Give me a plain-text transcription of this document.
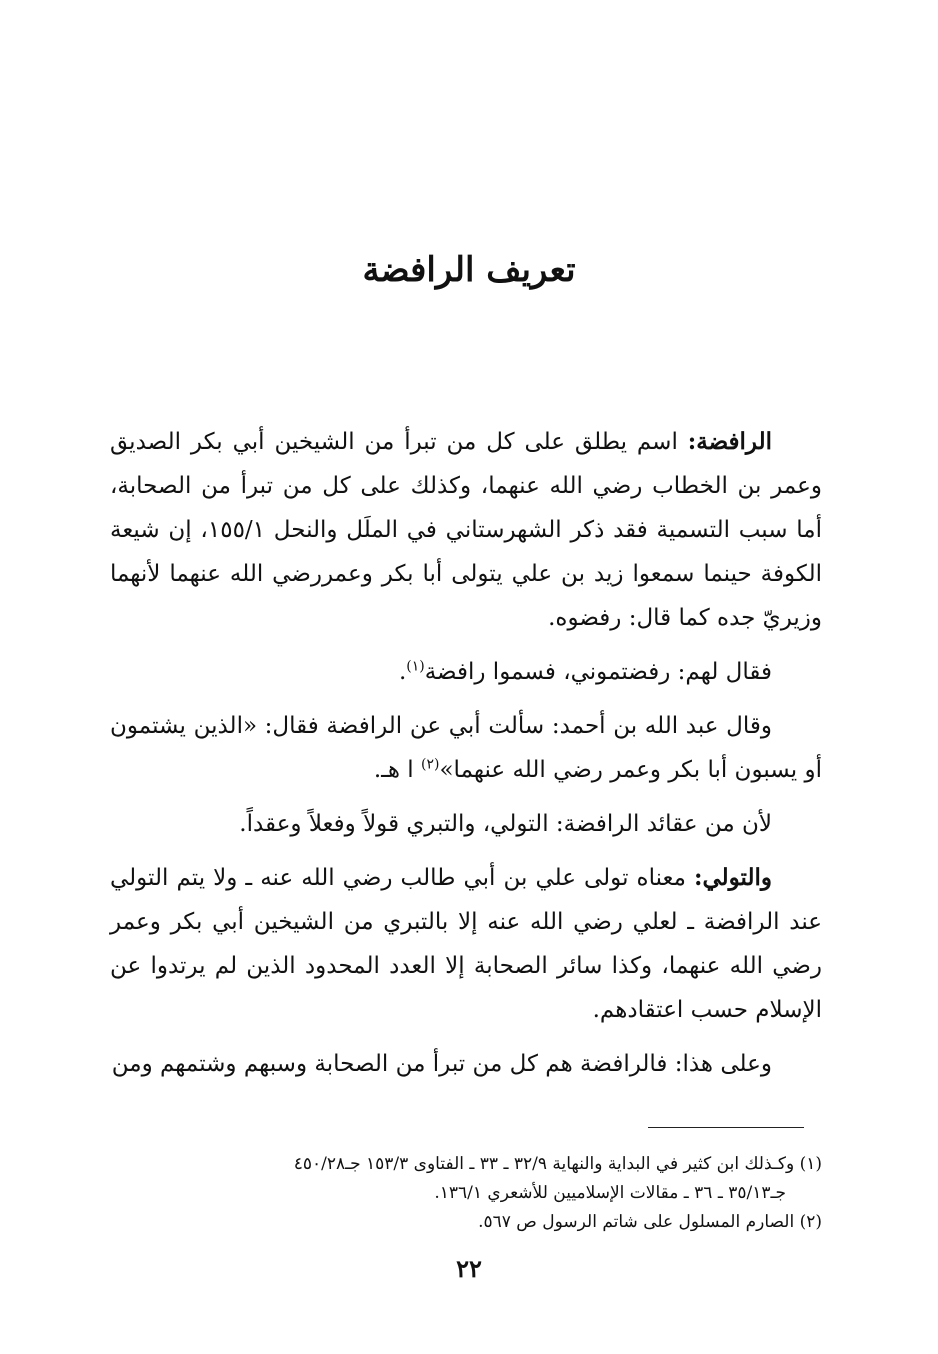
تعريف الرافضة

الرافضة: اسم يطلق على كل من تبرأ من الشيخين أبي بكر الصديق وعمر بن الخطاب رضي الله عنهما، وكذلك على كل من تبرأ من الصحابة، أما سبب التسمية فقد ذكر الشهرستاني في الملَل والنحل ١٥٥/١، إن شيعة الكوفة حينما سمعوا زيد بن علي يتولى أبا بكر وعمررضي الله عنهما لأنهما وزيريّ جده كما قال: رفضوه.

فقال لهم: رفضتموني، فسموا رافضة$^{(١)}$.

وقال عبد الله بن أحمد: سألت أبي عن الرافضة فقال: «الذين يشتمون أو يسبون أبا بكر وعمر رضي الله عنهما»$^{(٢)}$ ا هـ.

لأن من عقائد الرافضة: التولي، والتبري قولاً وفعلاً وعقداً.

والتولي: معناه تولى علي بن أبي طالب رضي الله عنه ـ ولا يتم التولي عند الرافضة ـ لعلي رضي الله عنه إلا بالتبري من الشيخين أبي بكر وعمر رضي الله عنهما، وكذا سائر الصحابة إلا العدد المحدود الذين لم يرتدوا عن الإسلام حسب اعتقادهم.

وعلى هذا: فالرافضة هم كل من تبرأ من الصحابة وسبهم وشتمهم ومن

(١) وكـذلك ابن كثير في البداية والنهاية ٣٢/٩ ـ ٣٣ ـ الفتاوى ١٥٣/٣ جـ٤٥٠/٢٨
جـ٣٥/١٣ ـ ٣٦ ـ مقالات الإسلاميين للأشعري ١٣٦/١.

(٢) الصارم المسلول على شاتم الرسول ص ٥٦٧.

٢٢
